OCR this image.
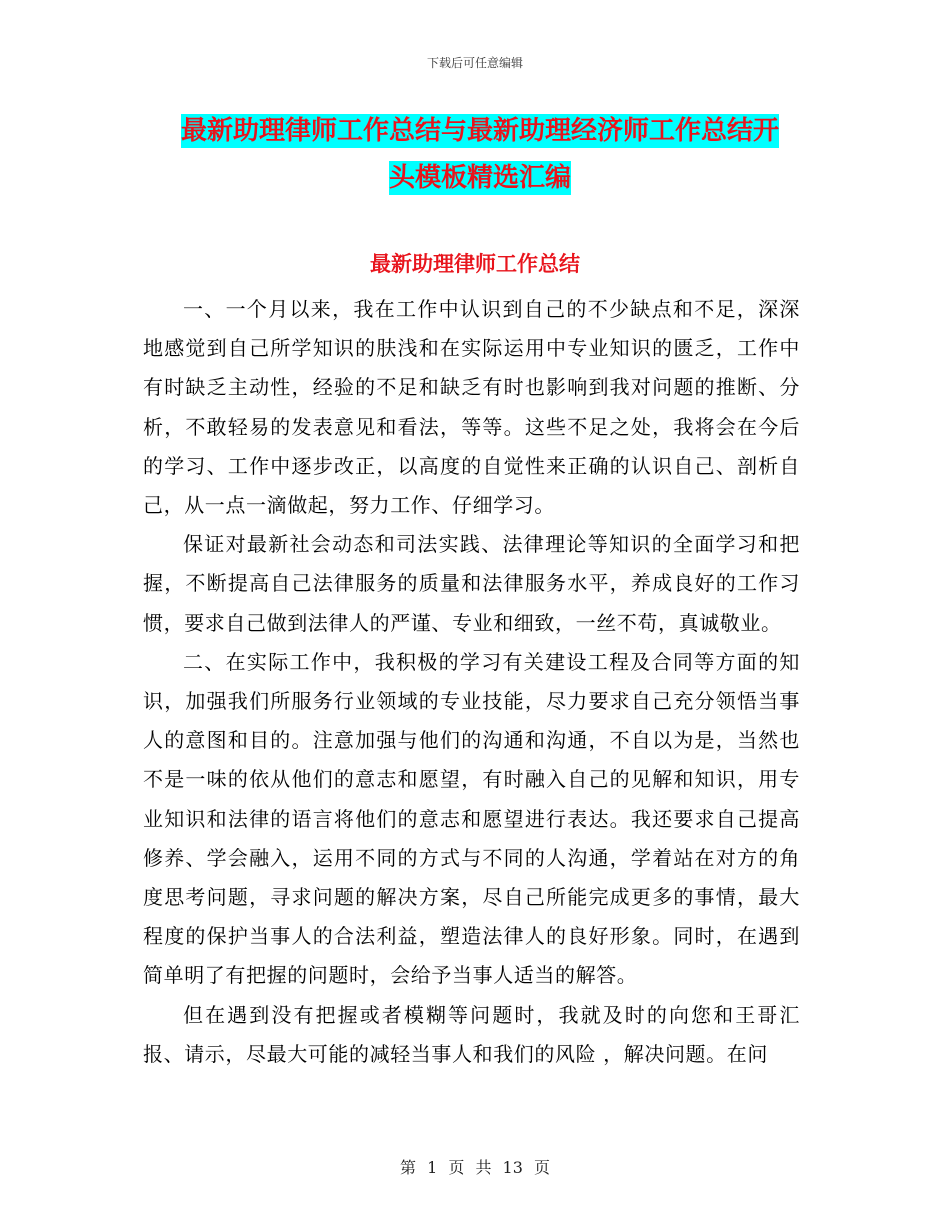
下载后可任意编辑
最新助理律师工作总结与最新助理经济师工作总结开
头模板精选汇编
最新助理律师工作总结

一、一个月以来，我在工作中认识到自己的不少缺点和不足，深深地感觉到自己所学知识的肤浅和在实际运用中专业知识的匮乏，工作中有时缺乏主动性，经验的不足和缺乏有时也影响到我对问题的推断、分析，不敢轻易的发表意见和看法，等等。这些不足之处，我将会在今后的学习、工作中逐步改正，以高度的自觉性来正确的认识自己、剖析自己，从一点一滴做起，努力工作、仔细学习。

保证对最新社会动态和司法实践、法律理论等知识的全面学习和把握，不断提高自己法律服务的质量和法律服务水平，养成良好的工作习惯，要求自己做到法律人的严谨、专业和细致，一丝不苟，真诚敬业。

二、在实际工作中，我积极的学习有关建设工程及合同等方面的知识，加强我们所服务行业领域的专业技能，尽力要求自己充分领悟当事人的意图和目的。注意加强与他们的沟通和沟通，不自以为是，当然也不是一味的依从他们的意志和愿望，有时融入自己的见解和知识，用专业知识和法律的语言将他们的意志和愿望进行表达。我还要求自己提高修养、学会融入，运用不同的方式与不同的人沟通，学着站在对方的角度思考问题，寻求问题的解决方案，尽自己所能完成更多的事情，最大程度的保护当事人的合法利益，塑造法律人的良好形象。同时，在遇到简单明了有把握的问题时，会给予当事人适当的解答。

但在遇到没有把握或者模糊等问题时，我就及时的向您和王哥汇报、请示，尽最大可能的减轻当事人和我们的风险 ，解决问题。在问

第 1 页 共 13 页
